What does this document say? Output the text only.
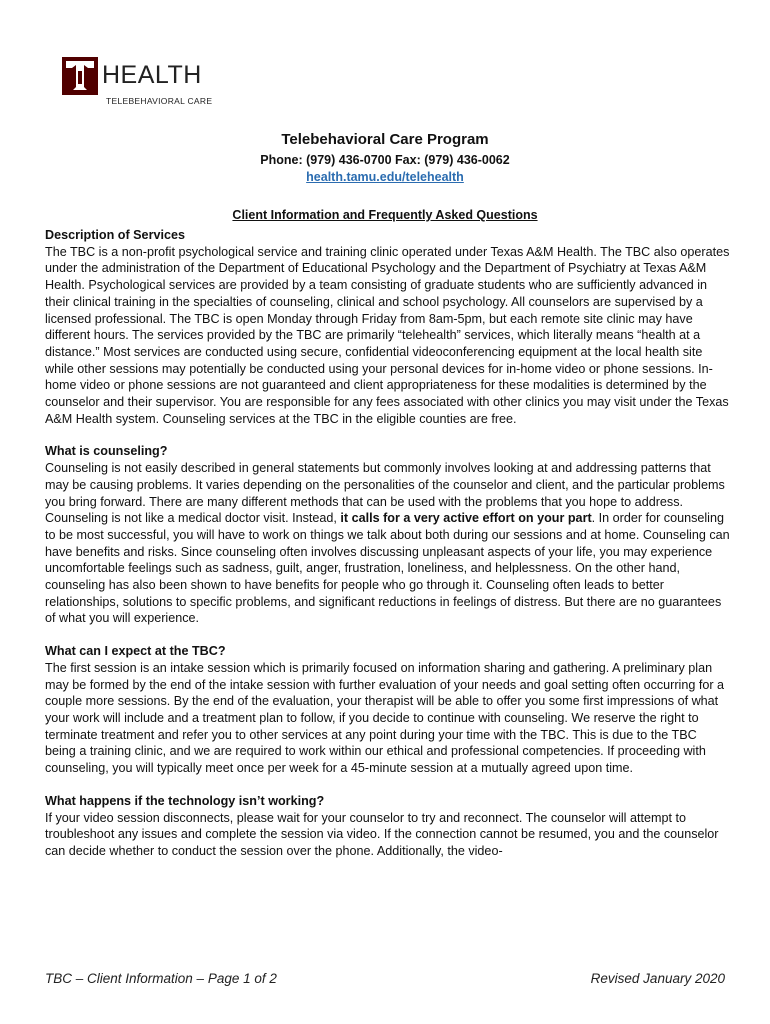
HEALTH
TELEBEHAVIORAL CARE
Telebehavioral Care Program
Phone: (979) 436-0700 Fax: (979) 436-0062
health.tamu.edu/telehealth
Client Information and Frequently Asked Questions
Description of Services

The TBC is a non-profit psychological service and training clinic operated under Texas A&M Health. The TBC also operates under the administration of the Department of Educational Psychology and the Department of Psychiatry at Texas A&M Health. Psychological services are provided by a team consisting of graduate students who are sufficiently advanced in their clinical training in the specialties of counseling, clinical and school psychology. All counselors are supervised by a licensed professional. The TBC is open Monday through Friday from 8am-5pm, but each remote site clinic may have different hours. The services provided by the TBC are primarily “telehealth” services, which literally means “health at a distance.” Most services are conducted using secure, confidential videoconferencing equipment at the local health site while other sessions may potentially be conducted using your personal devices for in-home video or phone sessions. In-home video or phone sessions are not guaranteed and client appropriateness for these modalities is determined by the counselor and their supervisor. You are responsible for any fees associated with other clinics you may visit under the Texas A&M Health system. Counseling services at the TBC in the eligible counties are free.

What is counseling?

Counseling is not easily described in general statements but commonly involves looking at and addressing patterns that may be causing problems. It varies depending on the personalities of the counselor and client, and the particular problems you bring forward. There are many different methods that can be used with the problems that you hope to address. Counseling is not like a medical doctor visit. Instead, it calls for a very active effort on your part. In order for counseling to be most successful, you will have to work on things we talk about both during our sessions and at home. Counseling can have benefits and risks. Since counseling often involves discussing unpleasant aspects of your life, you may experience uncomfortable feelings such as sadness, guilt, anger, frustration, loneliness, and helplessness. On the other hand, counseling has also been shown to have benefits for people who go through it. Counseling often leads to better relationships, solutions to specific problems, and significant reductions in feelings of distress. But there are no guarantees of what you will experience.

What can I expect at the TBC?

The first session is an intake session which is primarily focused on information sharing and gathering. A preliminary plan may be formed by the end of the intake session with further evaluation of your needs and goal setting often occurring for a couple more sessions. By the end of the evaluation, your therapist will be able to offer you some first impressions of what your work will include and a treatment plan to follow, if you decide to continue with counseling. We reserve the right to terminate treatment and refer you to other services at any point during your time with the TBC. This is due to the TBC being a training clinic, and we are required to work within our ethical and professional competencies. If proceeding with counseling, you will typically meet once per week for a 45-minute session at a mutually agreed upon time.

What happens if the technology isn’t working?

If your video session disconnects, please wait for your counselor to try and reconnect. The counselor will attempt to troubleshoot any issues and complete the session via video. If the connection cannot be resumed, you and the counselor can decide whether to conduct the session over the phone. Additionally, the video-

TBC – Client Information – Page 1 of 2	Revised January 2020
